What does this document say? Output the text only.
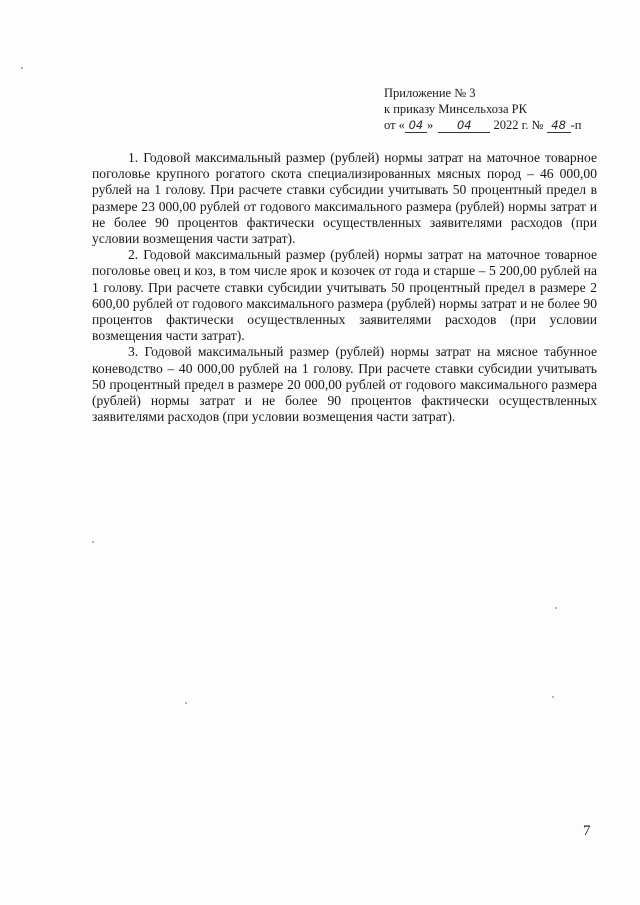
Приложение № 3
к приказу Минсельхоза РК
от « 04 » 04 2022 г. № 48 -п

1. Годовой максимальный размер (рублей) нормы затрат на маточное товарное поголовье крупного рогатого скота специализированных мясных пород – 46 000,00 рублей на 1 голову. При расчете ставки субсидии учитывать 50 процентный предел в размере 23 000,00 рублей от годового максимального размера (рублей) нормы затрат и не более 90 процентов фактически осуществленных заявителями расходов (при условии возмещения части затрат).

2. Годовой максимальный размер (рублей) нормы затрат на маточное товарное поголовье овец и коз, в том числе ярок и козочек от года и старше – 5 200,00 рублей на 1 голову. При расчете ставки субсидии учитывать 50 процентный предел в размере 2 600,00 рублей от годового максимального размера (рублей) нормы затрат и не более 90 процентов фактически осуществленных заявителями расходов (при условии возмещения части затрат).

3. Годовой максимальный размер (рублей) нормы затрат на мясное табунное коневодство – 40 000,00 рублей на 1 голову. При расчете ставки субсидии учитывать 50 процентный предел в размере 20 000,00 рублей от годового максимального размера (рублей) нормы затрат и не более 90 процентов фактически осуществленных заявителями расходов (при условии возмещения части затрат).

7
